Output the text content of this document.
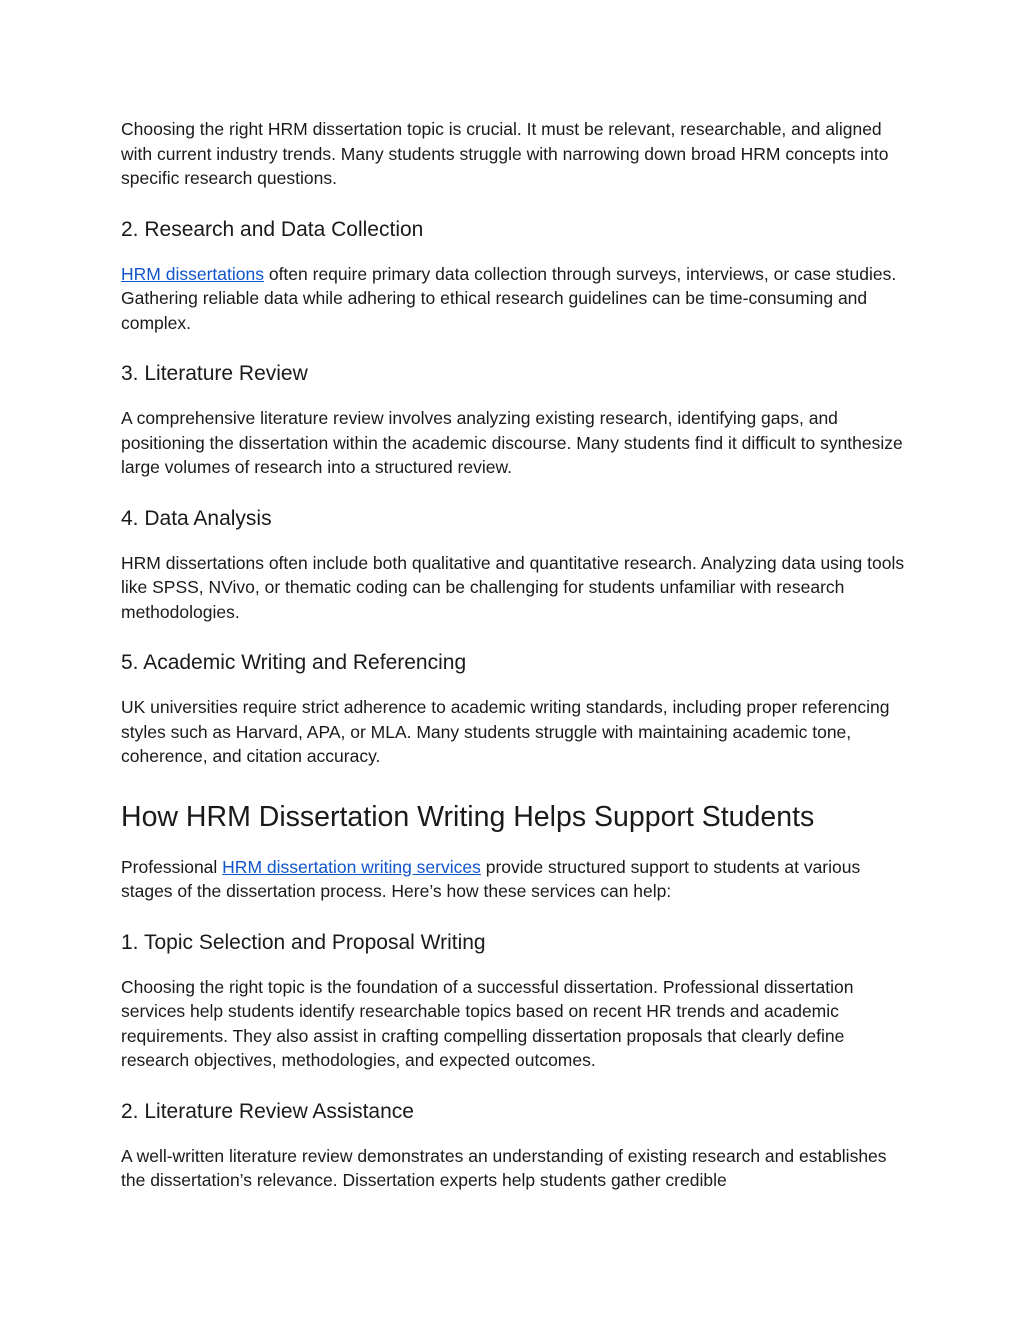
Choosing the right HRM dissertation topic is crucial. It must be relevant, researchable, and aligned with current industry trends. Many students struggle with narrowing down broad HRM concepts into specific research questions.

2. Research and Data Collection

HRM dissertations often require primary data collection through surveys, interviews, or case studies. Gathering reliable data while adhering to ethical research guidelines can be time-consuming and complex.

3. Literature Review

A comprehensive literature review involves analyzing existing research, identifying gaps, and positioning the dissertation within the academic discourse. Many students find it difficult to synthesize large volumes of research into a structured review.

4. Data Analysis

HRM dissertations often include both qualitative and quantitative research. Analyzing data using tools like SPSS, NVivo, or thematic coding can be challenging for students unfamiliar with research methodologies.

5. Academic Writing and Referencing

UK universities require strict adherence to academic writing standards, including proper referencing styles such as Harvard, APA, or MLA. Many students struggle with maintaining academic tone, coherence, and citation accuracy.

How HRM Dissertation Writing Helps Support Students

Professional HRM dissertation writing services provide structured support to students at various stages of the dissertation process. Here’s how these services can help:

1. Topic Selection and Proposal Writing

Choosing the right topic is the foundation of a successful dissertation. Professional dissertation services help students identify researchable topics based on recent HR trends and academic requirements. They also assist in crafting compelling dissertation proposals that clearly define research objectives, methodologies, and expected outcomes.

2. Literature Review Assistance

A well-written literature review demonstrates an understanding of existing research and establishes the dissertation’s relevance. Dissertation experts help students gather credible
